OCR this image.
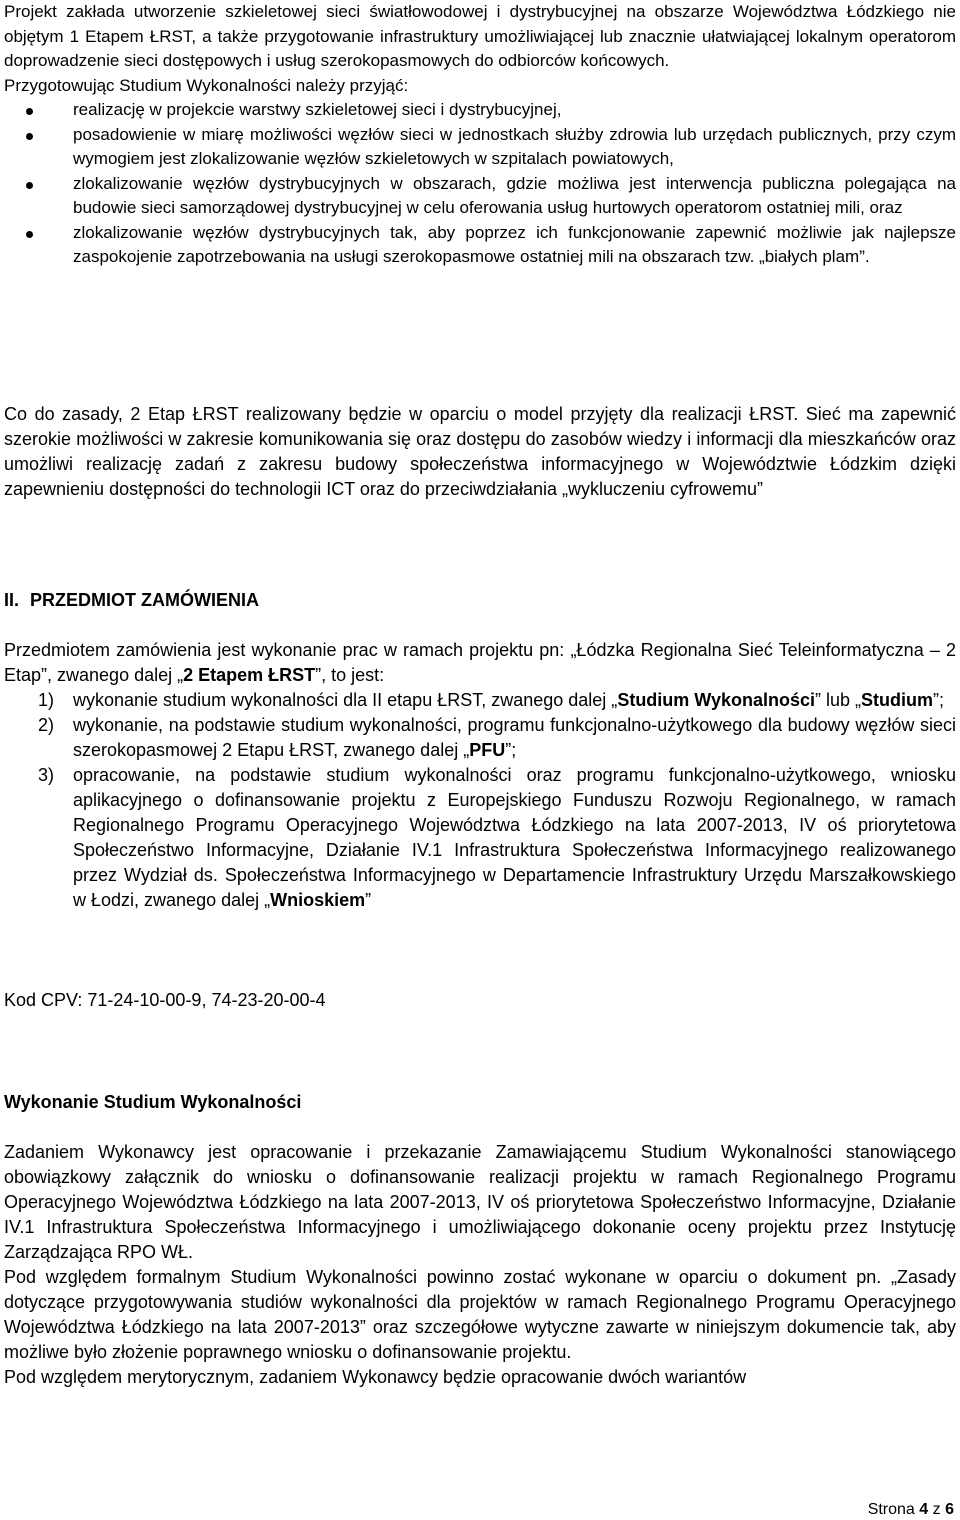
Projekt zakłada utworzenie szkieletowej sieci światłowodowej i dystrybucyjnej na obszarze Województwa Łódzkiego nie objętym 1 Etapem ŁRST, a także przygotowanie infrastruktury umożliwiającej lub znacznie ułatwiającej lokalnym operatorom doprowadzenie sieci dostępowych i usług szerokopasmowych do odbiorców końcowych.

Przygotowując Studium Wykonalności należy przyjąć:

realizację w projekcie warstwy szkieletowej sieci i dystrybucyjnej,
posadowienie w miarę możliwości węzłów sieci w jednostkach służby zdrowia lub urzędach publicznych, przy czym wymogiem jest zlokalizowanie węzłów szkieletowych w szpitalach powiatowych,
zlokalizowanie węzłów dystrybucyjnych w obszarach, gdzie możliwa jest interwencja publiczna polegająca na budowie sieci samorządowej dystrybucyjnej w celu oferowania usług hurtowych operatorom ostatniej mili, oraz
zlokalizowanie węzłów dystrybucyjnych tak, aby poprzez ich funkcjonowanie zapewnić możliwie jak najlepsze zaspokojenie zapotrzebowania na usługi szerokopasmowe ostatniej mili na obszarach tzw. „białych plam”.

Co do zasady, 2 Etap ŁRST realizowany będzie w oparciu o model przyjęty dla realizacji ŁRST. Sieć ma zapewnić szerokie możliwości w zakresie komunikowania się oraz dostępu do zasobów wiedzy i informacji dla mieszkańców oraz umożliwi realizację zadań z zakresu budowy społeczeństwa informacyjnego w Województwie Łódzkim dzięki zapewnieniu dostępności do technologii ICT oraz do przeciwdziałania „wykluczeniu cyfrowemu”

II. PRZEDMIOT ZAMÓWIENIA

Przedmiotem zamówienia jest wykonanie prac w ramach projektu pn: „Łódzka Regionalna Sieć Teleinformatyczna – 2 Etap”, zwanego dalej „2 Etapem ŁRST”, to jest:

1) wykonanie studium wykonalności dla II etapu ŁRST, zwanego dalej „Studium Wykonalności” lub „Studium”;
2) wykonanie, na podstawie studium wykonalności, programu funkcjonalno-użytkowego dla budowy węzłów sieci szerokopasmowej 2 Etapu ŁRST, zwanego dalej „PFU”;
3) opracowanie, na podstawie studium wykonalności oraz programu funkcjonalno-użytkowego, wniosku aplikacyjnego o dofinansowanie projektu z Europejskiego Funduszu Rozwoju Regionalnego, w ramach Regionalnego Programu Operacyjnego Województwa Łódzkiego na lata 2007-2013, IV oś priorytetowa Społeczeństwo Informacyjne, Działanie IV.1 Infrastruktura Społeczeństwa Informacyjnego realizowanego przez Wydział ds. Społeczeństwa Informacyjnego w Departamencie Infrastruktury Urzędu Marszałkowskiego w Łodzi, zwanego dalej „Wnioskiem”

Kod CPV: 71-24-10-00-9, 74-23-20-00-4

Wykonanie Studium Wykonalności

Zadaniem Wykonawcy jest opracowanie i przekazanie Zamawiającemu Studium Wykonalności stanowiącego obowiązkowy załącznik do wniosku o dofinansowanie realizacji projektu w ramach Regionalnego Programu Operacyjnego Województwa Łódzkiego na lata 2007-2013, IV oś priorytetowa Społeczeństwo Informacyjne, Działanie IV.1 Infrastruktura Społeczeństwa Informacyjnego i umożliwiającego dokonanie oceny projektu przez Instytucję Zarządzająca RPO WŁ.

Pod względem formalnym Studium Wykonalności powinno zostać wykonane w oparciu o dokument pn. „Zasady dotyczące przygotowywania studiów wykonalności dla projektów w ramach Regionalnego Programu Operacyjnego Województwa Łódzkiego na lata 2007-2013” oraz szczegółowe wytyczne zawarte w niniejszym dokumencie tak, aby możliwe było złożenie poprawnego wniosku o dofinansowanie projektu.

Pod względem merytorycznym, zadaniem Wykonawcy będzie opracowanie dwóch wariantów

Strona 4 z 6
